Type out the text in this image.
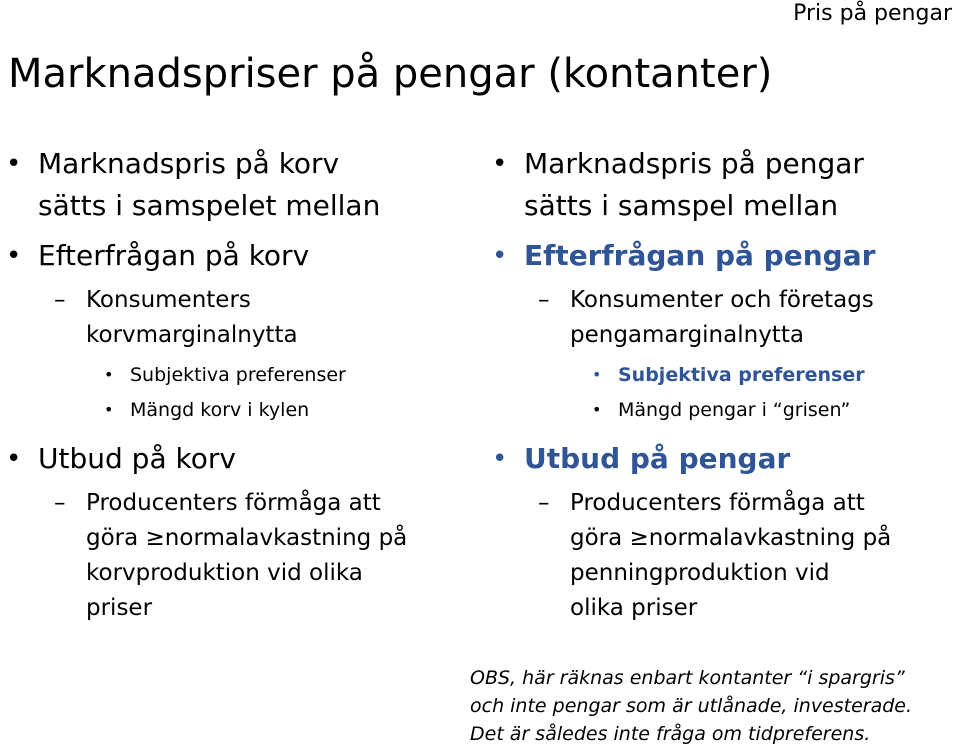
Pris på pengar
Marknadspriser på pengar (kontanter)
• Marknadspris på korv
sätts i samspelet mellan
• Efterfrågan på korv
– Konsumenters
korvmarginalnytta
• Subjektiva preferenser
• Mängd korv i kylen
• Utbud på korv
– Producenters förmåga att
göra ≥normalavkastning på
korvproduktion vid olika
priser
• Marknadspris på pengar
sätts i samspel mellan
• Efterfrågan på pengar
– Konsumenter och företags
pengamarginalnytta
• Subjektiva preferenser
• Mängd pengar i “grisen”
• Utbud på pengar
– Producenters förmåga att
göra ≥normalavkastning på
penningproduktion vid
olika priser
OBS, här räknas enbart kontanter “i spargris”
och inte pengar som är utlånade, investerade.
Det är således inte fråga om tidpreferens.
